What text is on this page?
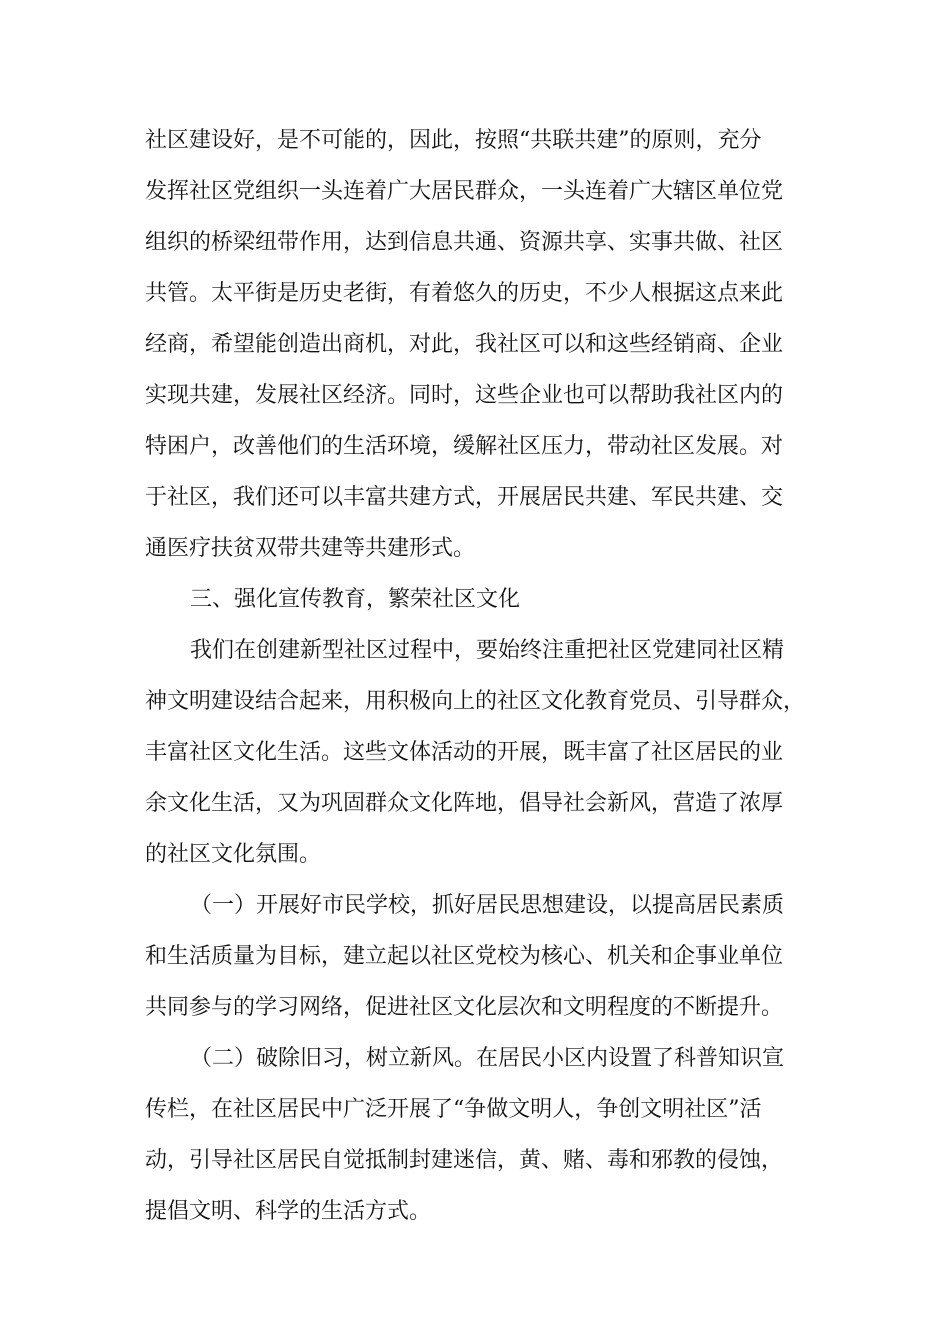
社区建设好，是不可能的，因此，按照“共联共建”的原则，充分

发挥社区党组织一头连着广大居民群众，一头连着广大辖区单位党

组织的桥梁纽带作用，达到信息共通、资源共享、实事共做、社区

共管。太平街是历史老街，有着悠久的历史，不少人根据这点来此

经商，希望能创造出商机，对此，我社区可以和这些经销商、企业

实现共建，发展社区经济。同时，这些企业也可以帮助我社区内的

特困户，改善他们的生活环境，缓解社区压力，带动社区发展。对

于社区，我们还可以丰富共建方式，开展居民共建、军民共建、交

通医疗扶贫双带共建等共建形式。

三、强化宣传教育，繁荣社区文化

我们在创建新型社区过程中，要始终注重把社区党建同社区精

神文明建设结合起来，用积极向上的社区文化教育党员、引导群众，

丰富社区文化生活。这些文体活动的开展，既丰富了社区居民的业

余文化生活，又为巩固群众文化阵地，倡导社会新风，营造了浓厚

的社区文化氛围。

（一）开展好市民学校，抓好居民思想建设，以提高居民素质

和生活质量为目标，建立起以社区党校为核心、机关和企事业单位

共同参与的学习网络，促进社区文化层次和文明程度的不断提升。

（二）破除旧习，树立新风。在居民小区内设置了科普知识宣

传栏，在社区居民中广泛开展了“争做文明人，争创文明社区”活

动，引导社区居民自觉抵制封建迷信，黄、赌、毒和邪教的侵蚀，

提倡文明、科学的生活方式。
